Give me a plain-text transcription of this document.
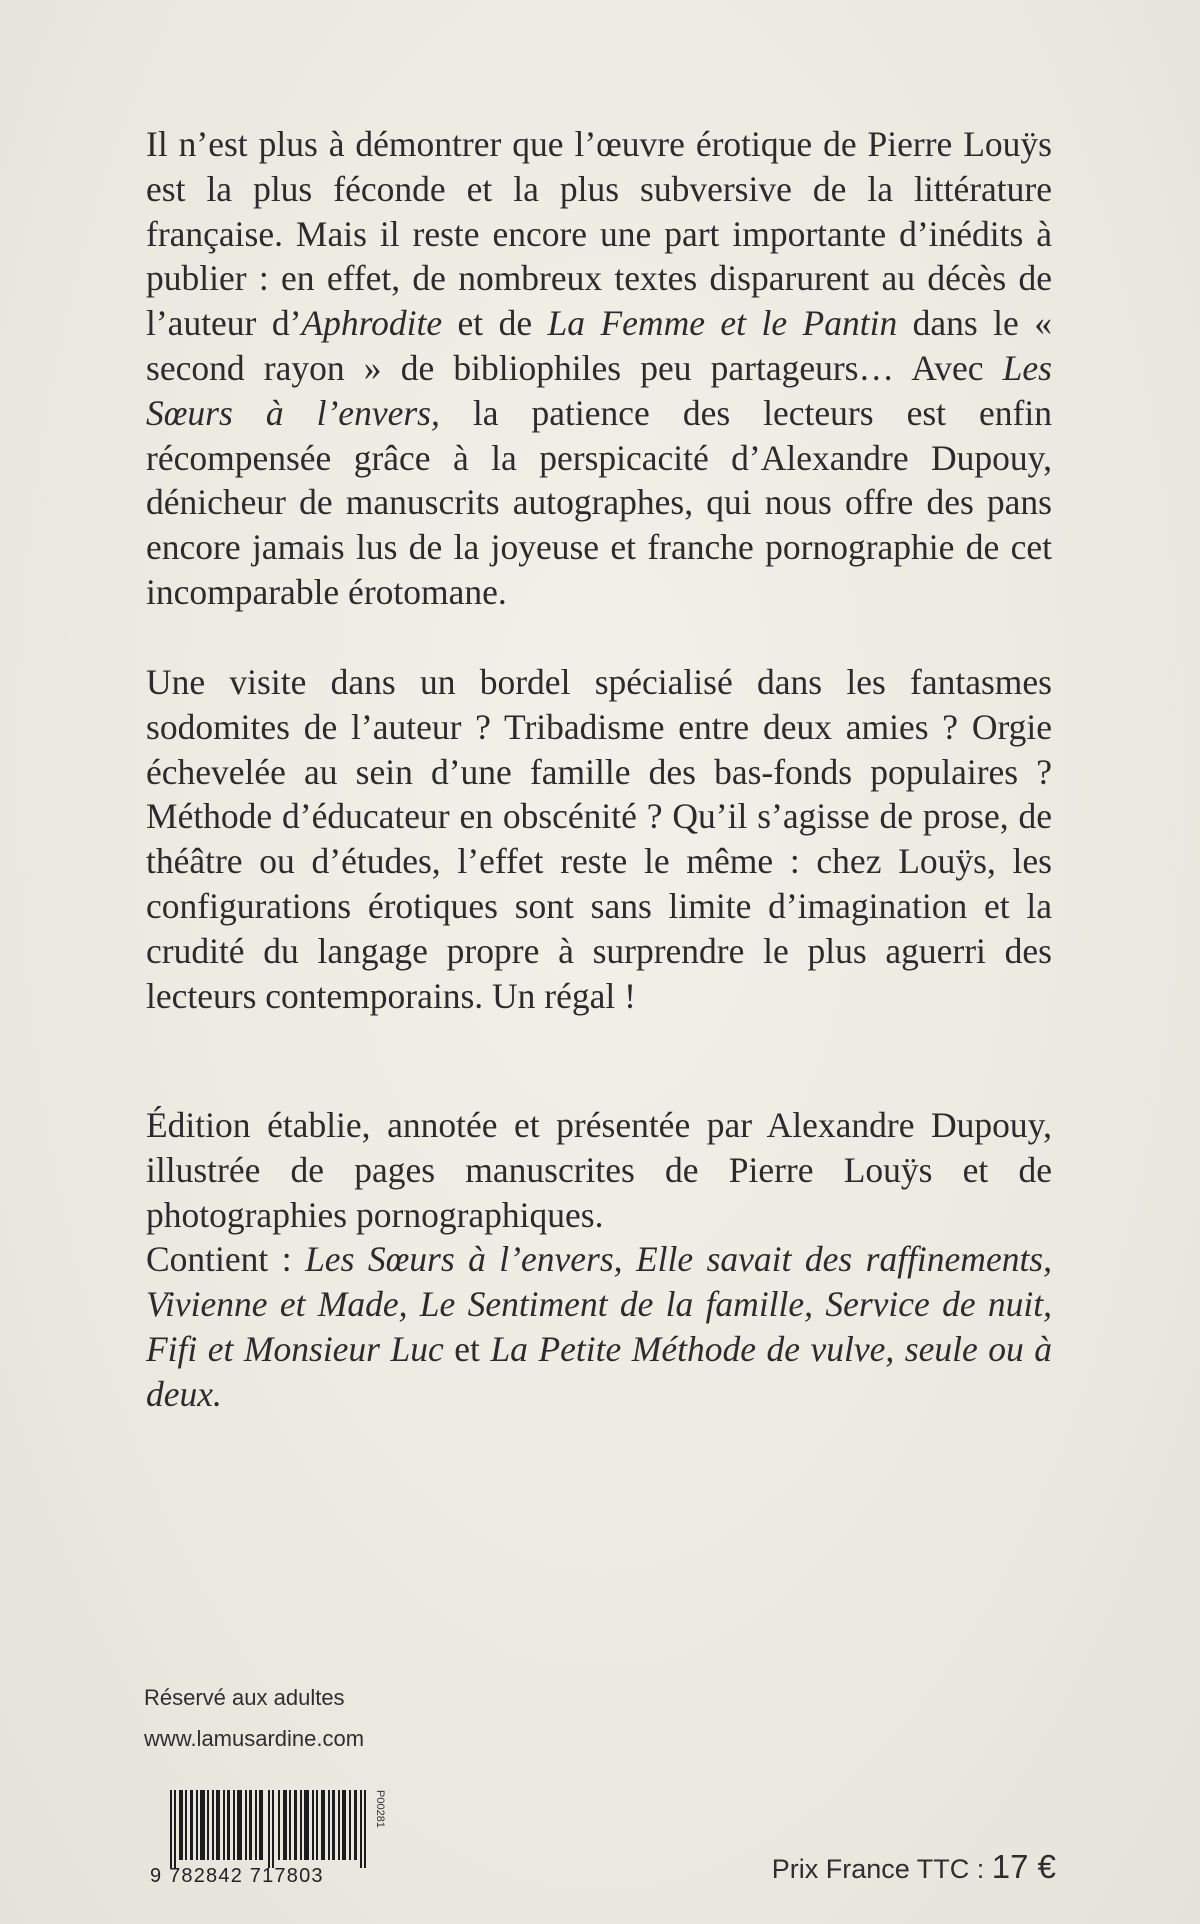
Il n’est plus à démontrer que l’œuvre érotique de Pierre Louÿs est la plus féconde et la plus subversive de la littérature française. Mais il reste encore une part importante d’inédits à publier : en effet, de nombreux textes disparurent au décès de l’auteur d’Aphrodite et de La Femme et le Pantin dans le « second rayon » de bibliophiles peu partageurs… Avec Les Sœurs à l’envers, la patience des lecteurs est enfin récompensée grâce à la perspicacité d’Alexandre Dupouy, dénicheur de manuscrits autographes, qui nous offre des pans encore jamais lus de la joyeuse et franche pornographie de cet incomparable érotomane.

Une visite dans un bordel spécialisé dans les fantasmes sodomites de l’auteur ? Tribadisme entre deux amies ? Orgie échevelée au sein d’une famille des bas-fonds populaires ? Méthode d’éducateur en obscénité ? Qu’il s’agisse de prose, de théâtre ou d’études, l’effet reste le même : chez Louÿs, les configurations érotiques sont sans limite d’imagination et la crudité du langage propre à surprendre le plus aguerri des lecteurs contemporains. Un régal !

Édition établie, annotée et présentée par Alexandre Dupouy, illustrée de pages manuscrites de Pierre Louÿs et de photographies pornographiques.

Contient : Les Sœurs à l’envers, Elle savait des raffinements, Vivienne et Made, Le Sentiment de la famille, Service de nuit, Fifi et Monsieur Luc et La Petite Méthode de vulve, seule ou à deux.

Réservé aux adultes
www.lamusardine.com
9 782842 717803
P00281
Prix France TTC : 17 €
